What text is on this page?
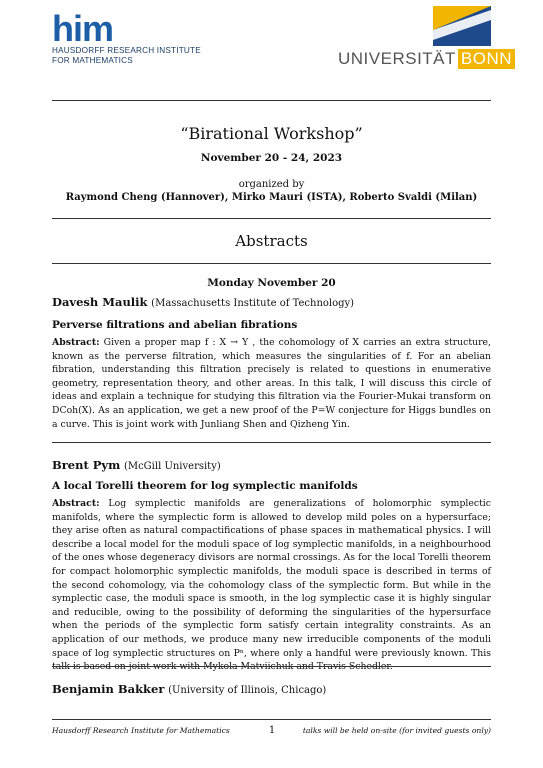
him
HAUSDORFF RESEARCH INSTITUTE
FOR MATHEMATICS	UNIVERSITÄT BONN
“Birational Workshop”
November 20 - 24, 2023
organized by
Raymond Cheng (Hannover), Mirko Mauri (ISTA), Roberto Svaldi (Milan)
Abstracts
Monday November 20
Davesh Maulik (Massachusetts Institute of Technology)
Perverse filtrations and abelian fibrations
Abstract: Given a proper map f : X → Y , the cohomology of X carries an extra structure, known as the perverse filtration, which measures the singularities of f. For an abelian fibration, understanding this filtration precisely is related to questions in enumerative geometry, representation theory, and other areas. In this talk, I will discuss this circle of ideas and explain a technique for studying this filtration via the Fourier-Mukai transform on DCoh(X). As an application, we get a new proof of the P=W conjecture for Higgs bundles on a curve. This is joint work with Junliang Shen and Qizheng Yin.
Brent Pym (McGill University)
A local Torelli theorem for log symplectic manifolds
Abstract: Log symplectic manifolds are generalizations of holomorphic symplectic manifolds, where the symplectic form is allowed to develop mild poles on a hypersurface; they arise often as natural compactifications of phase spaces in mathematical physics. I will describe a local model for the moduli space of log symplectic manifolds, in a neighbourhood of the ones whose degeneracy divisors are normal crossings. As for the local Torelli theorem for compact holomorphic symplectic manifolds, the moduli space is described in terms of the second cohomology, via the cohomology class of the symplectic form. But while in the symplectic case, the moduli space is smooth, in the log symplectic case it is highly singular and reducible, owing to the possibility of deforming the singularities of the hypersurface when the periods of the symplectic form satisfy certain integrality constraints. As an application of our methods, we produce many new irreducible components of the moduli space of log symplectic structures on Pⁿ, where only a handful were previously known. This talk is based on joint work with Mykola Matviichuk and Travis Schedler.
Benjamin Bakker (University of Illinois, Chicago)
Hausdorff Research Institute for Mathematics	1	talks will be held on-site (for invited guests only)
